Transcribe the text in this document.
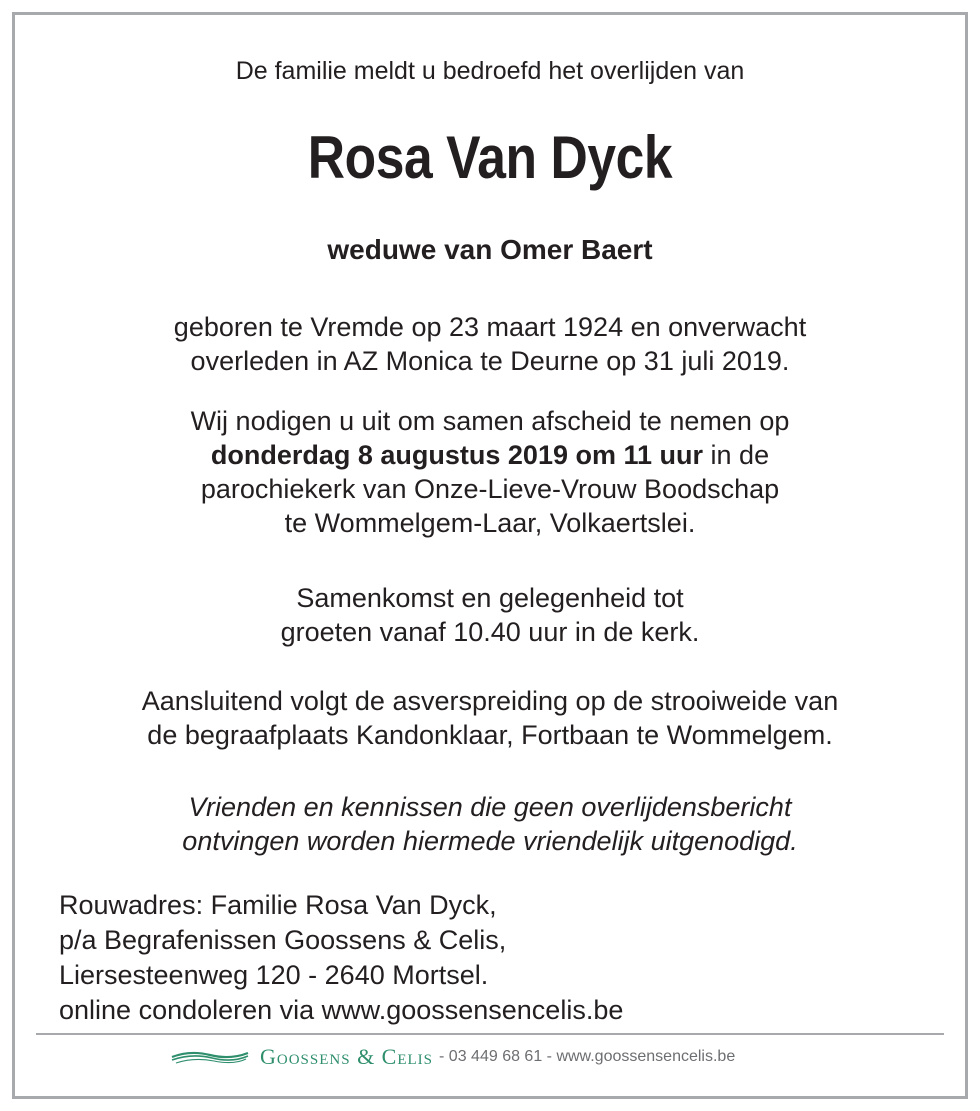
De familie meldt u bedroefd het overlijden van
Rosa Van Dyck
weduwe van Omer Baert
geboren te Vremde op 23 maart 1924 en onverwacht
overleden in AZ Monica te Deurne op 31 juli 2019.
Wij nodigen u uit om samen afscheid te nemen op
donderdag 8 augustus 2019 om 11 uur in de
parochiekerk van Onze-Lieve-Vrouw Boodschap
te Wommelgem-Laar, Volkaertslei.
Samenkomst en gelegenheid tot
groeten vanaf 10.40 uur in de kerk.
Aansluitend volgt de asverspreiding op de strooiweide van
de begraafplaats Kandonklaar, Fortbaan te Wommelgem.
Vrienden en kennissen die geen overlijdensbericht
ontvingen worden hiermede vriendelijk uitgenodigd.
Rouwadres: Familie Rosa Van Dyck,
p/a Begrafenissen Goossens & Celis,
Liersesteenweg 120 - 2640 Mortsel.
online condoleren via www.goossensencelis.be
Goossens & Celis - 03 449 68 61 - www.goossensencelis.be
